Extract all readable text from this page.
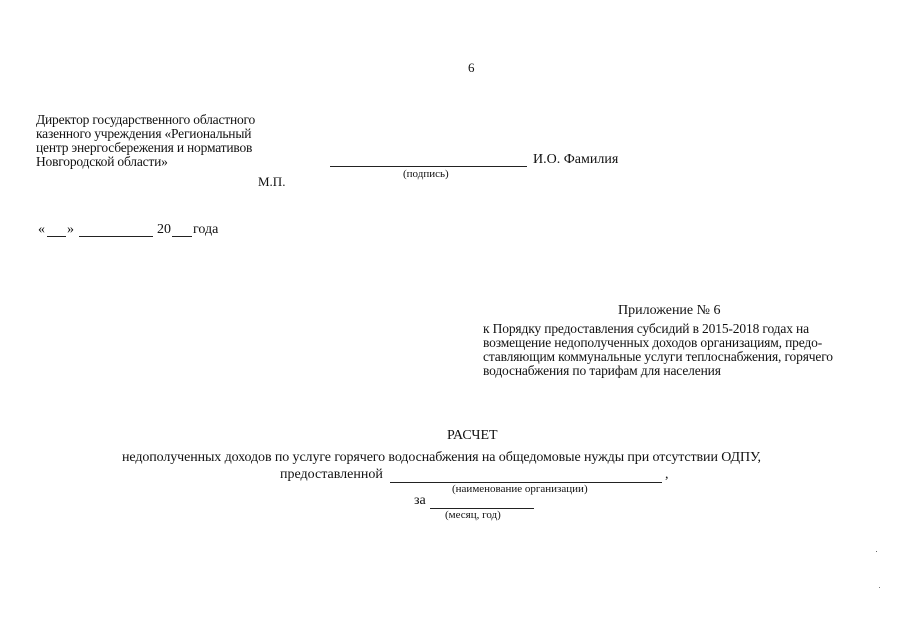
6
Директор государственного областного
казенного учреждения «Региональный
центр энергосбережения и нормативов
Новгородской области»	И.О. Фамилия
(подпись)
М.П.
« »	20 года
Приложение № 6
к Порядку предоставления субсидий в 2015-2018 годах на
возмещение недополученных доходов организациям, предо-
ставляющим коммунальные услуги теплоснабжения, горячего
водоснабжения по тарифам для населения
РАСЧЕТ
недополученных доходов по услуге горячего водоснабжения на общедомовые нужды при отсутствии ОДПУ,
предоставленной	,
(наименование организации)
за
(месяц, год)
